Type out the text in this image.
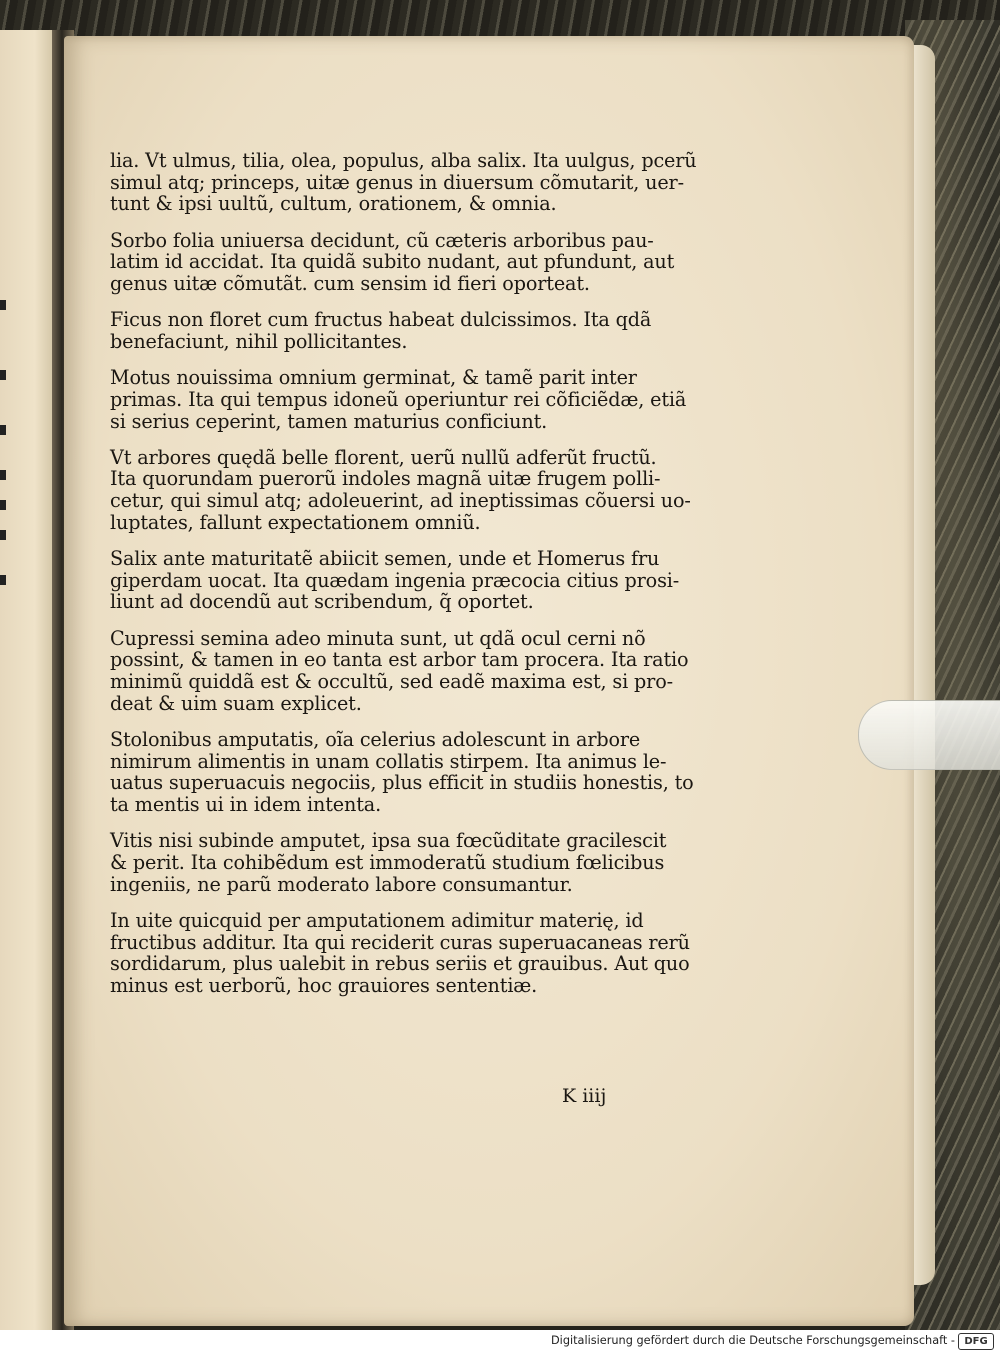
lia. Vt ulmus, tilia, olea, populus, alba salix. Ita uulgus, pcerũ
simul atq; princeps, uitæ genus in diuersum cõmutarit, uer-
tunt & ipsi uultũ, cultum, orationem, & omnia.
Sorbo folia uniuersa decidunt, cũ cæteris arboribus pau-
latim id accidat. Ita quidã subito nudant, aut pfundunt, aut
genus uitæ cõmutãt. cum sensim id fieri oporteat.
Ficus non floret cum fructus habeat dulcissimos. Ita qdã
benefaciunt, nihil pollicitantes.
Motus nouissima omnium germinat, & tamẽ parit inter
primas. Ita qui tempus idoneũ operiuntur rei cõficiẽdæ, etiã
si serius ceperint, tamen maturius conficiunt.
Vt arbores quędã belle florent, uerũ nullũ adferũt fructũ.
Ita quorundam puerorũ indoles magnã uitæ frugem polli-
cetur, qui simul atq; adoleuerint, ad ineptissimas cõuersi uo-
luptates, fallunt expectationem omniũ.
Salix ante maturitatẽ abiicit semen, unde et Homerus fru
giperdam uocat. Ita quædam ingenia præcocia citius prosi-
liunt ad docendũ aut scribendum, q̃ oportet.
Cupressi semina adeo minuta sunt, ut qdã ocul cerni nõ
possint, & tamen in eo tanta est arbor tam procera. Ita ratio
minimũ quiddã est & occultũ, sed eadẽ maxima est, si pro-
deat & uim suam explicet.
Stolonibus amputatis, oĩa celerius adolescunt in arbore
nimirum alimentis in unam collatis stirpem. Ita animus le-
uatus superuacuis negociis, plus efficit in studiis honestis, to
ta mentis ui in idem intenta.
Vitis nisi subinde amputet, ipsa sua fœcũditate gracilescit
& perit. Ita cohibẽdum est immoderatũ studium fœlicibus
ingeniis, ne parũ moderato labore consumantur.
In uite quicquid per amputationem adimitur materię, id
fructibus additur. Ita qui reciderit curas superuacaneas rerũ
sordidarum, plus ualebit in rebus seriis et grauibus. Aut quo
minus est uerborũ, hoc grauiores sententiæ.
K iiij
Digitalisierung gefördert durch die Deutsche Forschungsgemeinschaft - DFG
